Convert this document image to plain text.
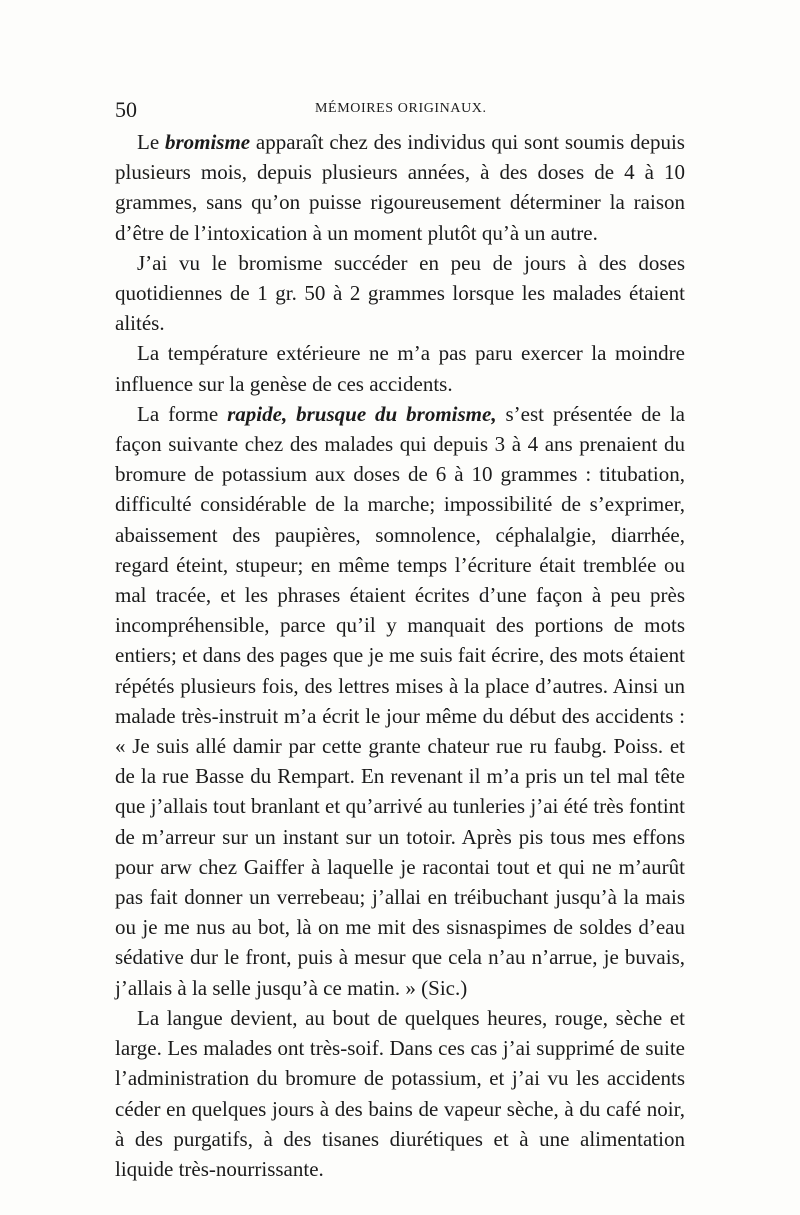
50	MÉMOIRES ORIGINAUX.

Le bromisme apparaît chez des individus qui sont soumis depuis plusieurs mois, depuis plusieurs années, à des doses de 4 à 10 grammes, sans qu’on puisse rigoureusement déterminer la raison d’être de l’intoxication à un moment plutôt qu’à un autre.

J’ai vu le bromisme succéder en peu de jours à des doses quotidiennes de 1 gr. 50 à 2 grammes lorsque les malades étaient alités.

La température extérieure ne m’a pas paru exercer la moindre influence sur la genèse de ces accidents.

La forme rapide, brusque du bromisme, s’est présentée de la façon suivante chez des malades qui depuis 3 à 4 ans prenaient du bromure de potassium aux doses de 6 à 10 grammes : titubation, difficulté considérable de la marche; impossibilité de s’exprimer, abaissement des paupières, somnolence, céphalalgie, diarrhée, regard éteint, stupeur; en même temps l’écriture était tremblée ou mal tracée, et les phrases étaient écrites d’une façon à peu près incompréhensible, parce qu’il y manquait des portions de mots entiers; et dans des pages que je me suis fait écrire, des mots étaient répétés plusieurs fois, des lettres mises à la place d’autres. Ainsi un malade très-instruit m’a écrit le jour même du début des accidents : « Je suis allé damir par cette grante chateur rue ru faubg. Poiss. et de la rue Basse du Rempart. En revenant il m’a pris un tel mal tête que j’allais tout branlant et qu’arrivé au tunleries j’ai été très fontint de m’arreur sur un instant sur un totoir. Après pis tous mes effons pour arw chez Gaiffer à laquelle je racontai tout et qui ne m’aurût pas fait donner un verrebeau; j’allai en tréibuchant jusqu’à la mais ou je me nus au bot, là on me mit des sisnaspimes de soldes d’eau sédative dur le front, puis à mesur que cela n’au n’arrue, je buvais, j’allais à la selle jusqu’à ce matin. » (Sic.)

La langue devient, au bout de quelques heures, rouge, sèche et large. Les malades ont très-soif. Dans ces cas j’ai supprimé de suite l’administration du bromure de potassium, et j’ai vu les accidents céder en quelques jours à des bains de vapeur sèche, à du café noir, à des purgatifs, à des tisanes diurétiques et à une alimentation liquide très-nourrissante.
